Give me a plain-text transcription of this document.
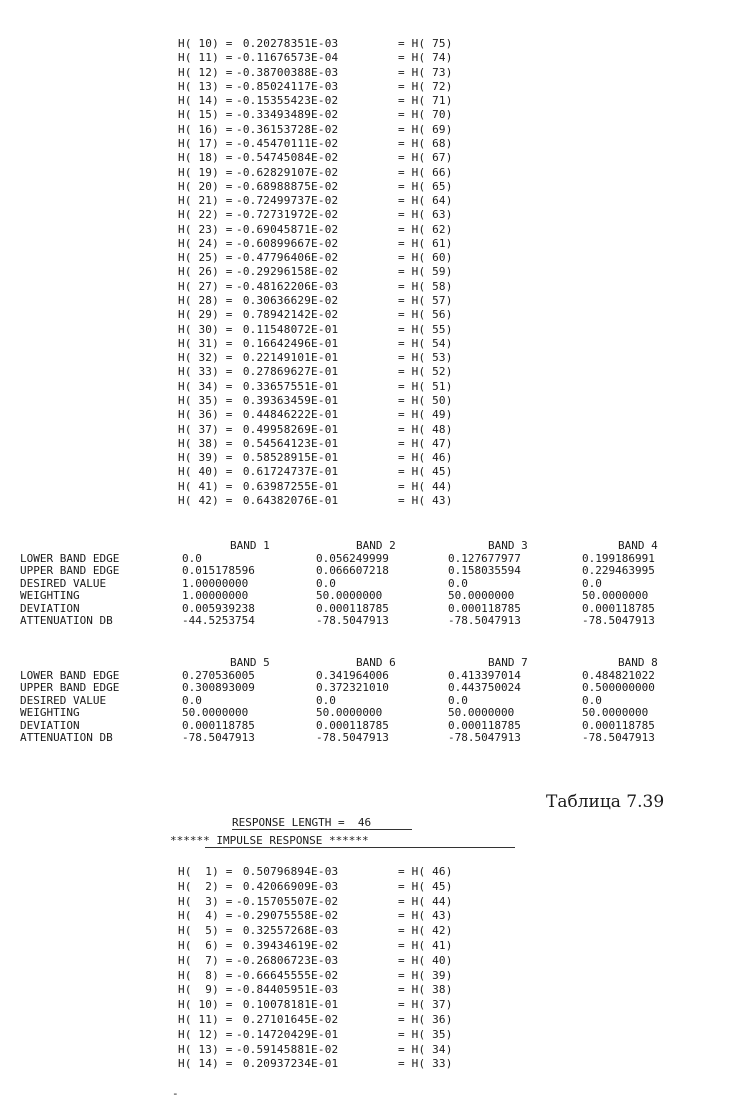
H( 10) = 0.20278351E-03	= H( 75)
H( 11) = -0.11676573E-04	= H( 74)
H( 12) = -0.38700388E-03	= H( 73)
H( 13) = -0.85024117E-03	= H( 72)
H( 14) = -0.15355423E-02	= H( 71)
H( 15) = -0.33493489E-02	= H( 70)
H( 16) = -0.36153728E-02	= H( 69)
H( 17) = -0.45470111E-02	= H( 68)
H( 18) = -0.54745084E-02	= H( 67)
H( 19) = -0.62829107E-02	= H( 66)
H( 20) = -0.68988875E-02	= H( 65)
H( 21) = -0.72499737E-02	= H( 64)
H( 22) = -0.72731972E-02	= H( 63)
H( 23) = -0.69045871E-02	= H( 62)
H( 24) = -0.60899667E-02	= H( 61)
H( 25) = -0.47796406E-02	= H( 60)
H( 26) = -0.29296158E-02	= H( 59)
H( 27) = -0.48162206E-03	= H( 58)
H( 28) = 0.30636629E-02	= H( 57)
H( 29) = 0.78942142E-02	= H( 56)
H( 30) = 0.11548072E-01	= H( 55)
H( 31) = 0.16642496E-01	= H( 54)
H( 32) = 0.22149101E-01	= H( 53)
H( 33) = 0.27869627E-01	= H( 52)
H( 34) = 0.33657551E-01	= H( 51)
H( 35) = 0.39363459E-01	= H( 50)
H( 36) = 0.44846222E-01	= H( 49)
H( 37) = 0.49958269E-01	= H( 48)
H( 38) = 0.54564123E-01	= H( 47)
H( 39) = 0.58528915E-01	= H( 46)
H( 40) = 0.61724737E-01	= H( 45)
H( 41) = 0.63987255E-01	= H( 44)
H( 42) = 0.64382076E-01	= H( 43)
BAND 1	BAND 2	BAND 3	BAND 4
LOWER BAND EDGE	0.0	0.056249999	0.127677977	0.199186991
UPPER BAND EDGE	0.015178596	0.066607218	0.158035594	0.229463995
DESIRED VALUE	1.00000000	0.0	0.0	0.0
WEIGHTING	1.00000000	50.0000000	50.0000000	50.0000000
DEVIATION	0.005939238	0.000118785	0.000118785	0.000118785
ATTENUATION DB	-44.5253754	-78.5047913	-78.5047913	-78.5047913
BAND 5	BAND 6	BAND 7	BAND 8
LOWER BAND EDGE	0.270536005	0.341964006	0.413397014	0.484821022
UPPER BAND EDGE	0.300893009	0.372321010	0.443750024	0.500000000
DESIRED VALUE	0.0	0.0	0.0	0.0
WEIGHTING	50.0000000	50.0000000	50.0000000	50.0000000
DEVIATION	0.000118785	0.000118785	0.000118785	0.000118785
ATTENUATION DB	-78.5047913	-78.5047913	-78.5047913	-78.5047913
Таблица 7.39
RESPONSE LENGTH =  46
****** IMPULSE RESPONSE ******
H(  1) = 0.50796894E-03	= H( 46)
H(  2) = 0.42066909E-03	= H( 45)
H(  3) = -0.15705507E-02	= H( 44)
H(  4) = -0.29075558E-02	= H( 43)
H(  5) = 0.32557268E-03	= H( 42)
H(  6) = 0.39434619E-02	= H( 41)
H(  7) = -0.26806723E-03	= H( 40)
H(  8) = -0.66645555E-02	= H( 39)
H(  9) = -0.84405951E-03	= H( 38)
H( 10) = 0.10078181E-01	= H( 37)
H( 11) = 0.27101645E-02	= H( 36)
H( 12) = -0.14720429E-01	= H( 35)
H( 13) = -0.59145881E-02	= H( 34)
H( 14) = 0.20937234E-01	= H( 33)
-
